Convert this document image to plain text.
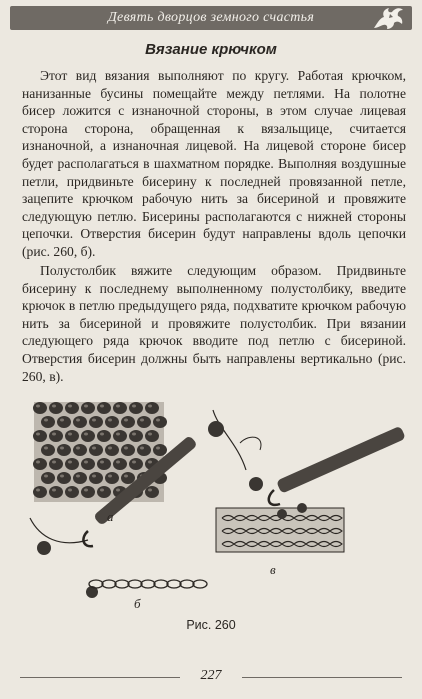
Девять дворцов земного счастья
Вязание крючком

Этот вид вязания выполняют по кругу. Работая крючком, нанизанные бусины помещайте между петлями. На полотне бисер ложится с изнаночной стороны, в этом случае лицевая сторона сторона, обращенная к вязальщице, считается изнаночной, а изнаночная лицевой. На лицевой стороне бисер будет располагаться в шахматном порядке. Выполняя воздушные петли, придвиньте бисерину к последней провязанной петле, зацепите крючком рабочую нить за бисериной и провяжите следующую петлю. Бисерины располагаются с нижней стороны цепочки. Отверстия бисерин будут направлены вдоль цепочки (рис. 260, б).

Полустолбик вяжите следующим образом. Придвиньте бисерину к последнему выполненному полустолбику, введите крючок в петлю предыдущего ряда, подхватите крючком рабочую нить за бисериной и провяжите полустолбик. При вязании следующего ряда крючок вводите под петлю с бисериной. Отверстия бисерин должны быть направлены вертикально (рис. 260, в).

а
б
в
Рис. 260
227
